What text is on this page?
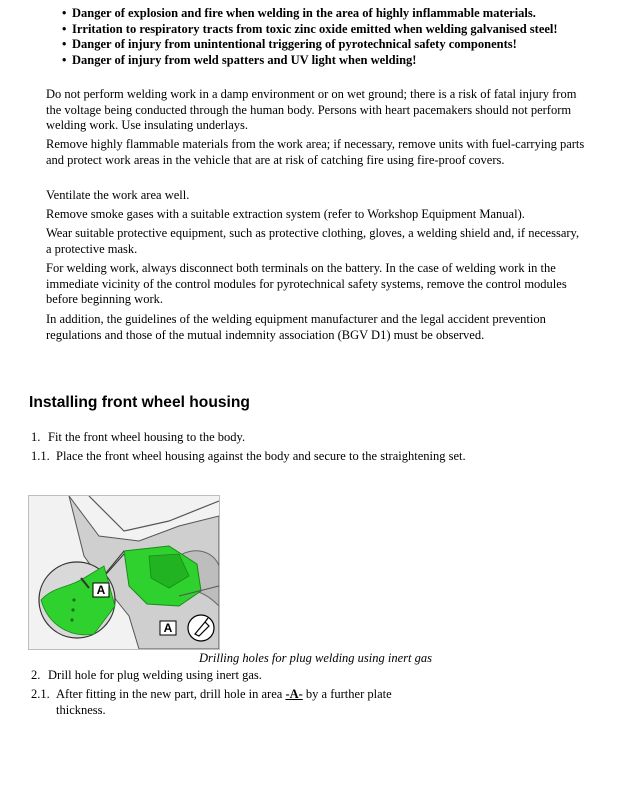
• Danger of explosion and fire when welding in the area of highly inflammable materials.
• Irritation to respiratory tracts from toxic zinc oxide emitted when welding galvanised steel!
• Danger of injury from unintentional triggering of pyrotechnical safety components!
• Danger of injury from weld spatters and UV light when welding!

Do not perform welding work in a damp environment or on wet ground; there is a risk of fatal injury from the voltage being conducted through the human body. Persons with heart pacemakers should not perform welding work. Use insulating underlays.

Remove highly flammable materials from the work area; if necessary, remove units with fuel-carrying parts and protect work areas in the vehicle that are at risk of catching fire using fire-proof covers.

Ventilate the work area well.

Remove smoke gases with a suitable extraction system (refer to Workshop Equipment Manual).

Wear suitable protective equipment, such as protective clothing, gloves, a welding shield and, if necessary, a protective mask.

For welding work, always disconnect both terminals on the battery. In the case of welding work in the immediate vicinity of the control modules for pyrotechnical safety systems, remove the control modules before beginning work.

In addition, the guidelines of the welding equipment manufacturer and the legal accident prevention regulations and those of the mutual indemnity association (BGV D1) must be observed.

Installing front wheel housing
1. Fit the front wheel housing to the body.
1.1. Place the front wheel housing against the body and secure to the straightening set.
A
A

Drilling holes for plug welding using inert gas

2. Drill hole for plug welding using inert gas.
2.1. After fitting in the new part, drill hole in area -A- by a further plate thickness.
